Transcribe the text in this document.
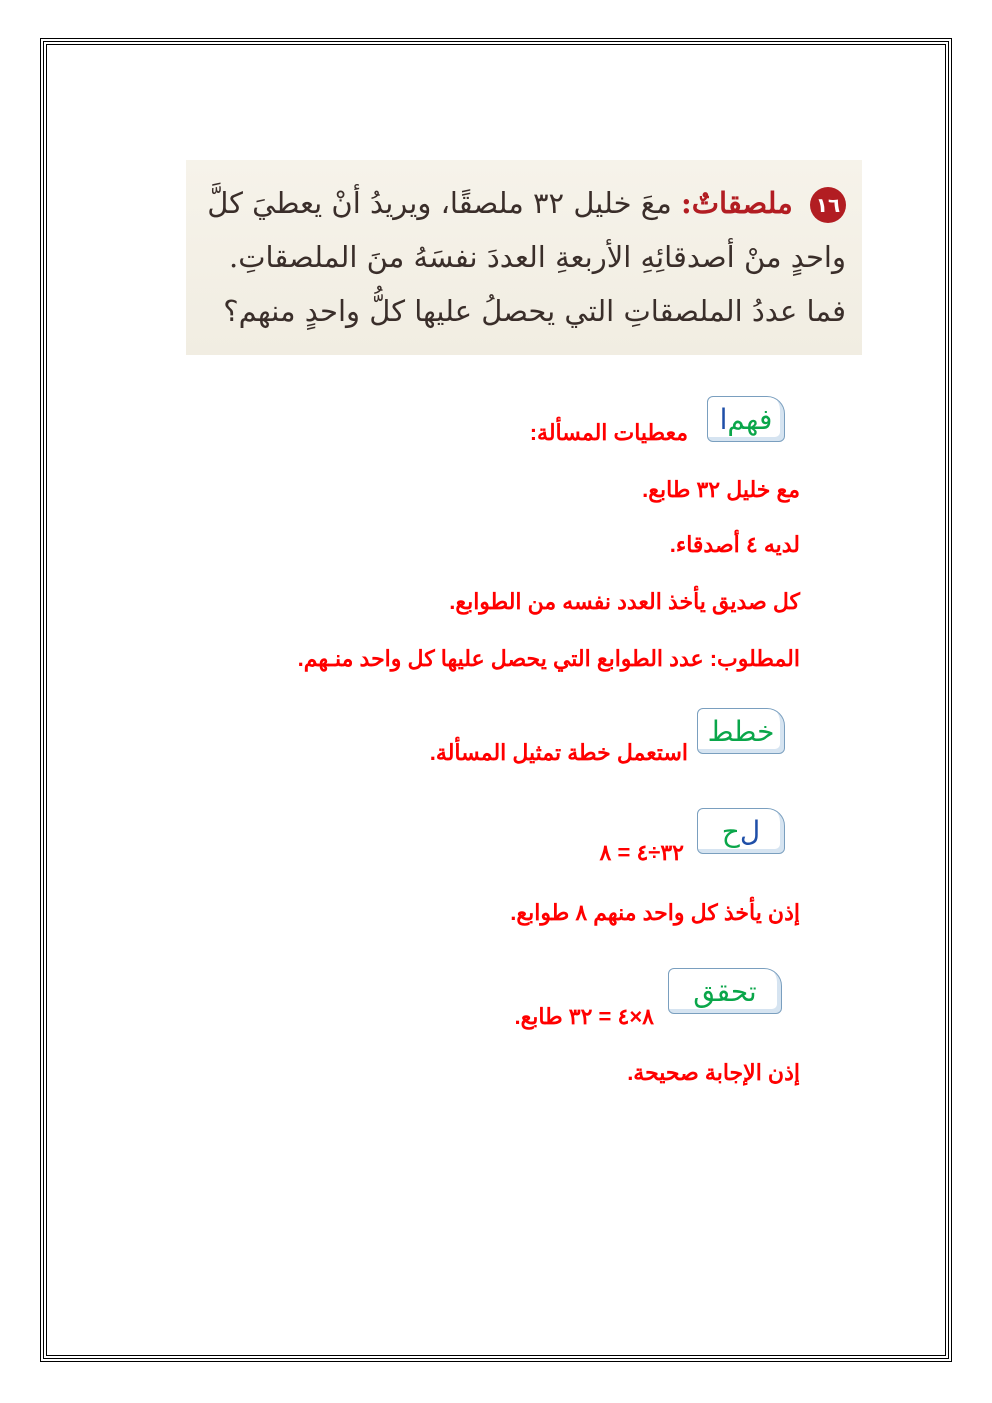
١٦ ملصقاتٌ: معَ خليل ٣٢ ملصقًا، ويريدُ أنْ يعطيَ كلَّ
واحدٍ منْ أصدقائِهِ الأربعةِ العددَ نفسَهُ منَ الملصقاتِ.
فما عددُ الملصقاتِ التي يحصلُ عليها كلُّ واحدٍ منهم؟
ا فهم
معطيات المسألة:
مع خليل ٣٢ طابع.
لديه ٤ أصدقاء.
كل صديق يأخذ العدد نفسه من الطوابع.
المطلوب: عدد الطوابع التي يحصل عليها كل واحد منـهم.
خطط
استعمل خطة تمثيل المسألة.
ح ل
٣٢÷٤ = ٨
إذن يأخذ كل واحد منهم ٨ طوابع.
تحقق
٨×٤ = ٣٢ طابع.
إذن الإجابة صحيحة.
